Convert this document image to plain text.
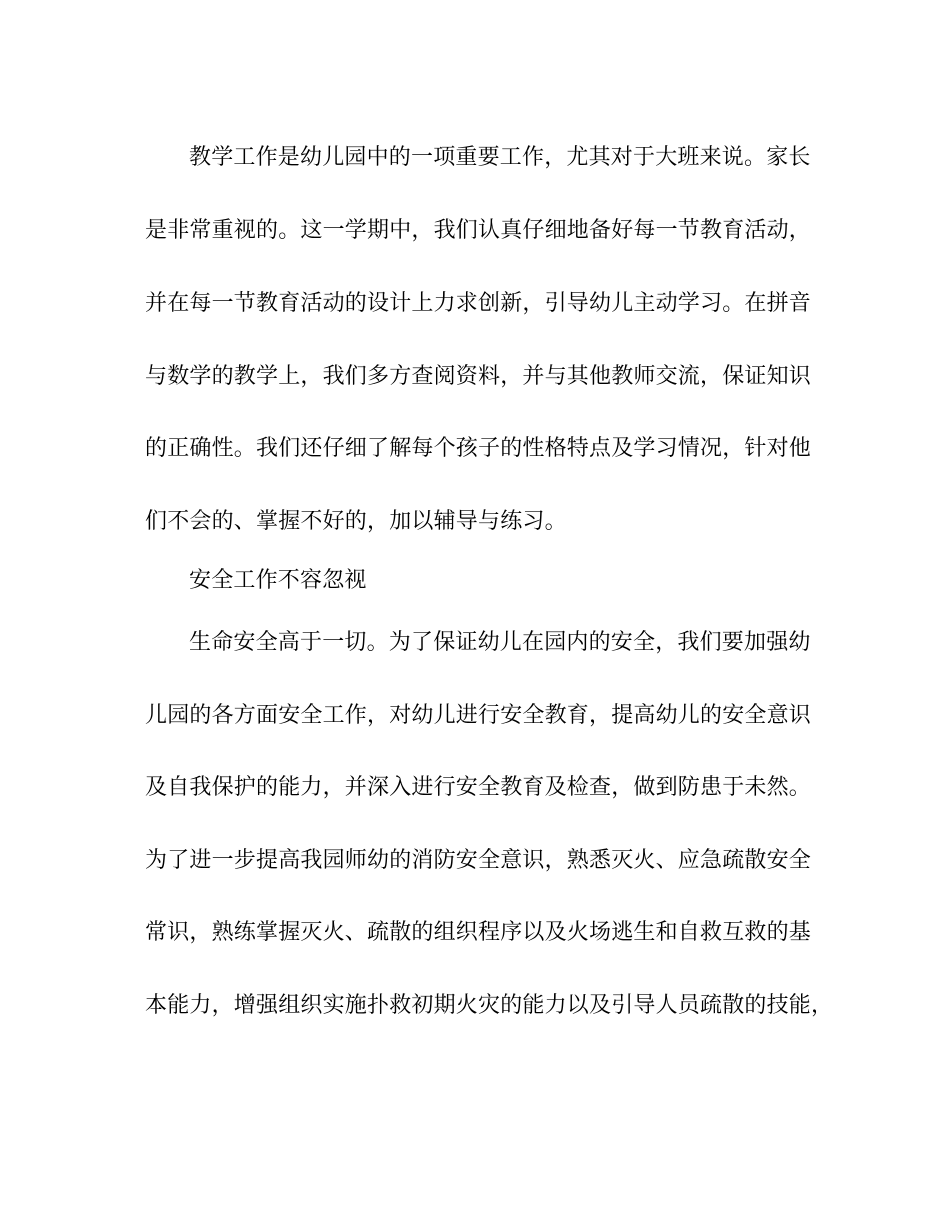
教学工作是幼儿园中的一项重要工作，尤其对于大班来说。家长
是非常重视的。这一学期中，我们认真仔细地备好每一节教育活动，
并在每一节教育活动的设计上力求创新，引导幼儿主动学习。在拼音
与数学的教学上，我们多方查阅资料，并与其他教师交流，保证知识
的正确性。我们还仔细了解每个孩子的性格特点及学习情况，针对他
们不会的、掌握不好的，加以辅导与练习。
安全工作不容忽视
生命安全高于一切。为了保证幼儿在园内的安全，我们要加强幼
儿园的各方面安全工作，对幼儿进行安全教育，提高幼儿的安全意识
及自我保护的能力，并深入进行安全教育及检查，做到防患于未然。
为了进一步提高我园师幼的消防安全意识，熟悉灭火、应急疏散安全
常识，熟练掌握灭火、疏散的组织程序以及火场逃生和自救互救的基
本能力，增强组织实施扑救初期火灾的能力以及引导人员疏散的技能，
